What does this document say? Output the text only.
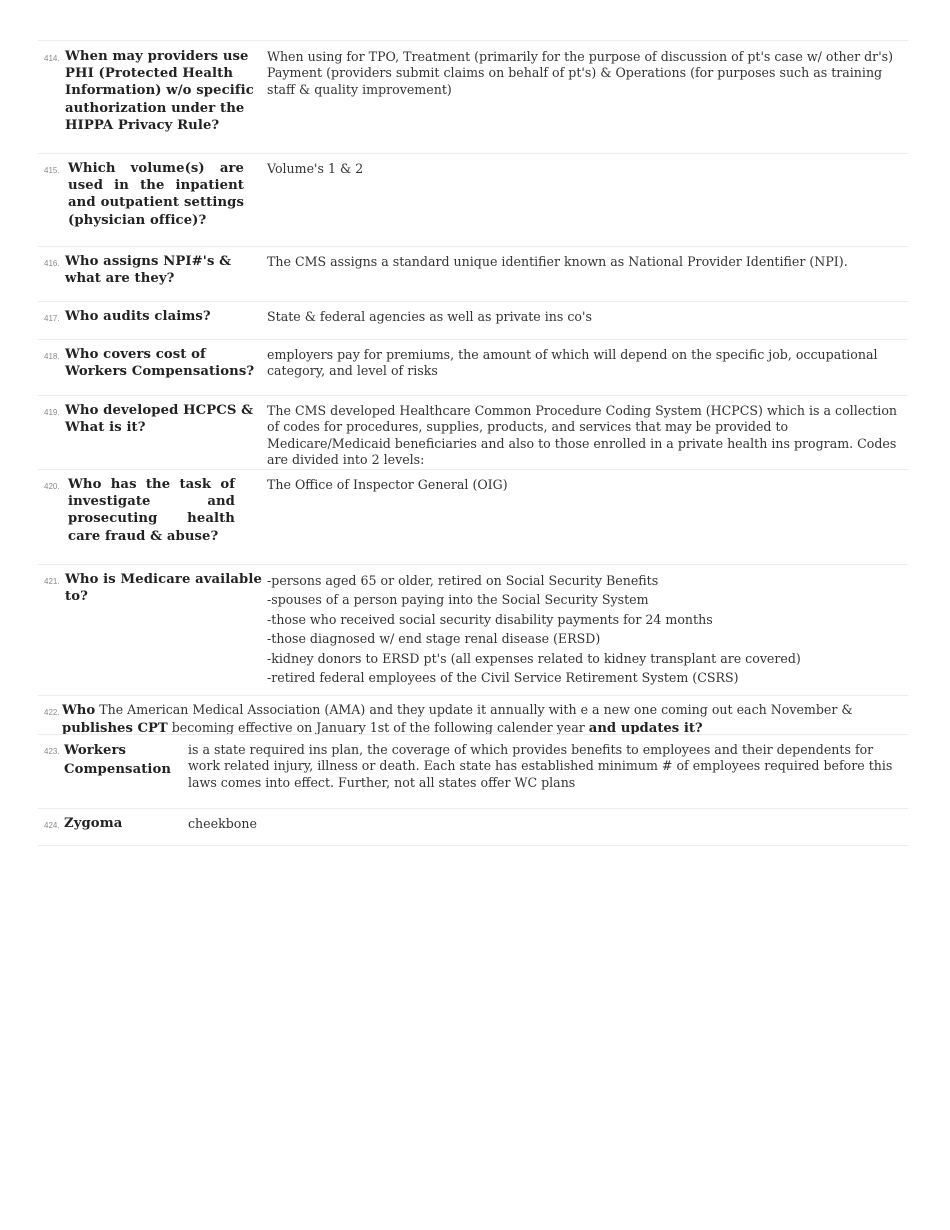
414. When may providers use PHI (Protected Health Information) w/o specific authorization under the HIPPA Privacy Rule?
When using for TPO, Treatment (primarily for the purpose of discussion of pt's case w/ other dr's) Payment (providers submit claims on behalf of pt's) & Operations (for purposes such as training staff & quality improvement)
415. Which volume(s) are used in the inpatient and outpatient settings (physician office)?
Volume's 1 & 2
416. Who assigns NPI#'s & what are they?
The CMS assigns a standard unique identifier known as National Provider Identifier (NPI).
417. Who audits claims?	State & federal agencies as well as private ins co's
418. Who covers cost of Workers Compensations?
employers pay for premiums, the amount of which will depend on the specific job, occupational category, and level of risks
419. Who developed HCPCS & What is it?
The CMS developed Healthcare Common Procedure Coding System (HCPCS) which is a collection of codes for procedures, supplies, products, and services that may be provided to Medicare/Medicaid beneficiaries and also to those enrolled in a private health ins program. Codes are divided into 2 levels:
420. Who has the task of investigate and prosecuting health care fraud & abuse?
The Office of Inspector General (OIG)
421. Who is Medicare available to?
-persons aged 65 or older, retired on Social Security Benefits
-spouses of a person paying into the Social Security System
-those who received social security disability payments for 24 months
-those diagnosed w/ end stage renal disease (ERSD)
-kidney donors to ERSD pt's (all expenses related to kidney transplant are covered)
-retired federal employees of the Civil Service Retirement System (CSRS)
422. Who The American Medical Association (AMA) and they update it annually with e a new one coming out each November & publishes CPT becoming effective on January 1st of the following calender year and updates it?
423. Workers Compensation
is a state required ins plan, the coverage of which provides benefits to employees and their dependents for work related injury, illness or death. Each state has established minimum # of employees required before this laws comes into effect. Further, not all states offer WC plans
424. Zygoma	cheekbone
